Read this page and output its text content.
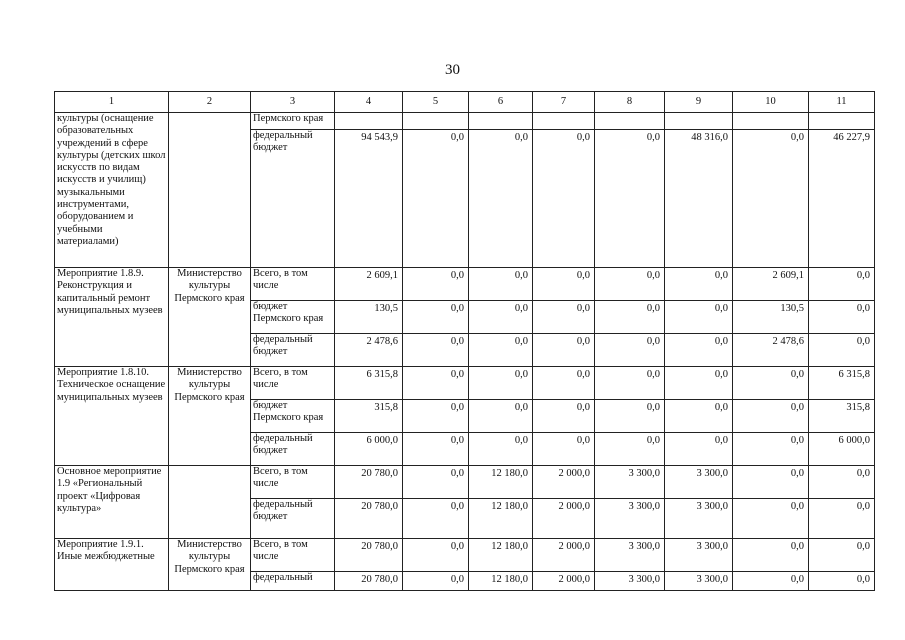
30
1	2	3	4	5	6	7	8	9	10	11
культуры (оснащение образовательных учреждений в сфере культуры (детских школ искусств по видам искусств и училищ) музыкальными инструментами, оборудованием и учебными материалами)		Пермского края								
		федеральный бюджет	94 543,9	0,0	0,0	0,0	0,0	48 316,0	0,0	46 227,9
Мероприятие 1.8.9. Реконструкция и капитальный ремонт муниципальных музеев	Министерство культуры Пермского края	Всего, в том числе	2 609,1	0,0	0,0	0,0	0,0	0,0	2 609,1	0,0
		бюджет Пермского края	130,5	0,0	0,0	0,0	0,0	0,0	130,5	0,0
		федеральный бюджет	2 478,6	0,0	0,0	0,0	0,0	0,0	2 478,6	0,0
Мероприятие 1.8.10. Техническое оснащение муниципальных музеев	Министерство культуры Пермского края	Всего, в том числе	6 315,8	0,0	0,0	0,0	0,0	0,0	0,0	6 315,8
		бюджет Пермского края	315,8	0,0	0,0	0,0	0,0	0,0	0,0	315,8
		федеральный бюджет	6 000,0	0,0	0,0	0,0	0,0	0,0	0,0	6 000,0
Основное мероприятие 1.9 «Региональный проект «Цифровая культура»		Всего, в том числе	20 780,0	0,0	12 180,0	2 000,0	3 300,0	3 300,0	0,0	0,0
		федеральный бюджет	20 780,0	0,0	12 180,0	2 000,0	3 300,0	3 300,0	0,0	0,0
Мероприятие 1.9.1. Иные межбюджетные	Министерство культуры Пермского края	Всего, в том числе	20 780,0	0,0	12 180,0	2 000,0	3 300,0	3 300,0	0,0	0,0
		федеральный	20 780,0	0,0	12 180,0	2 000,0	3 300,0	3 300,0	0,0	0,0
